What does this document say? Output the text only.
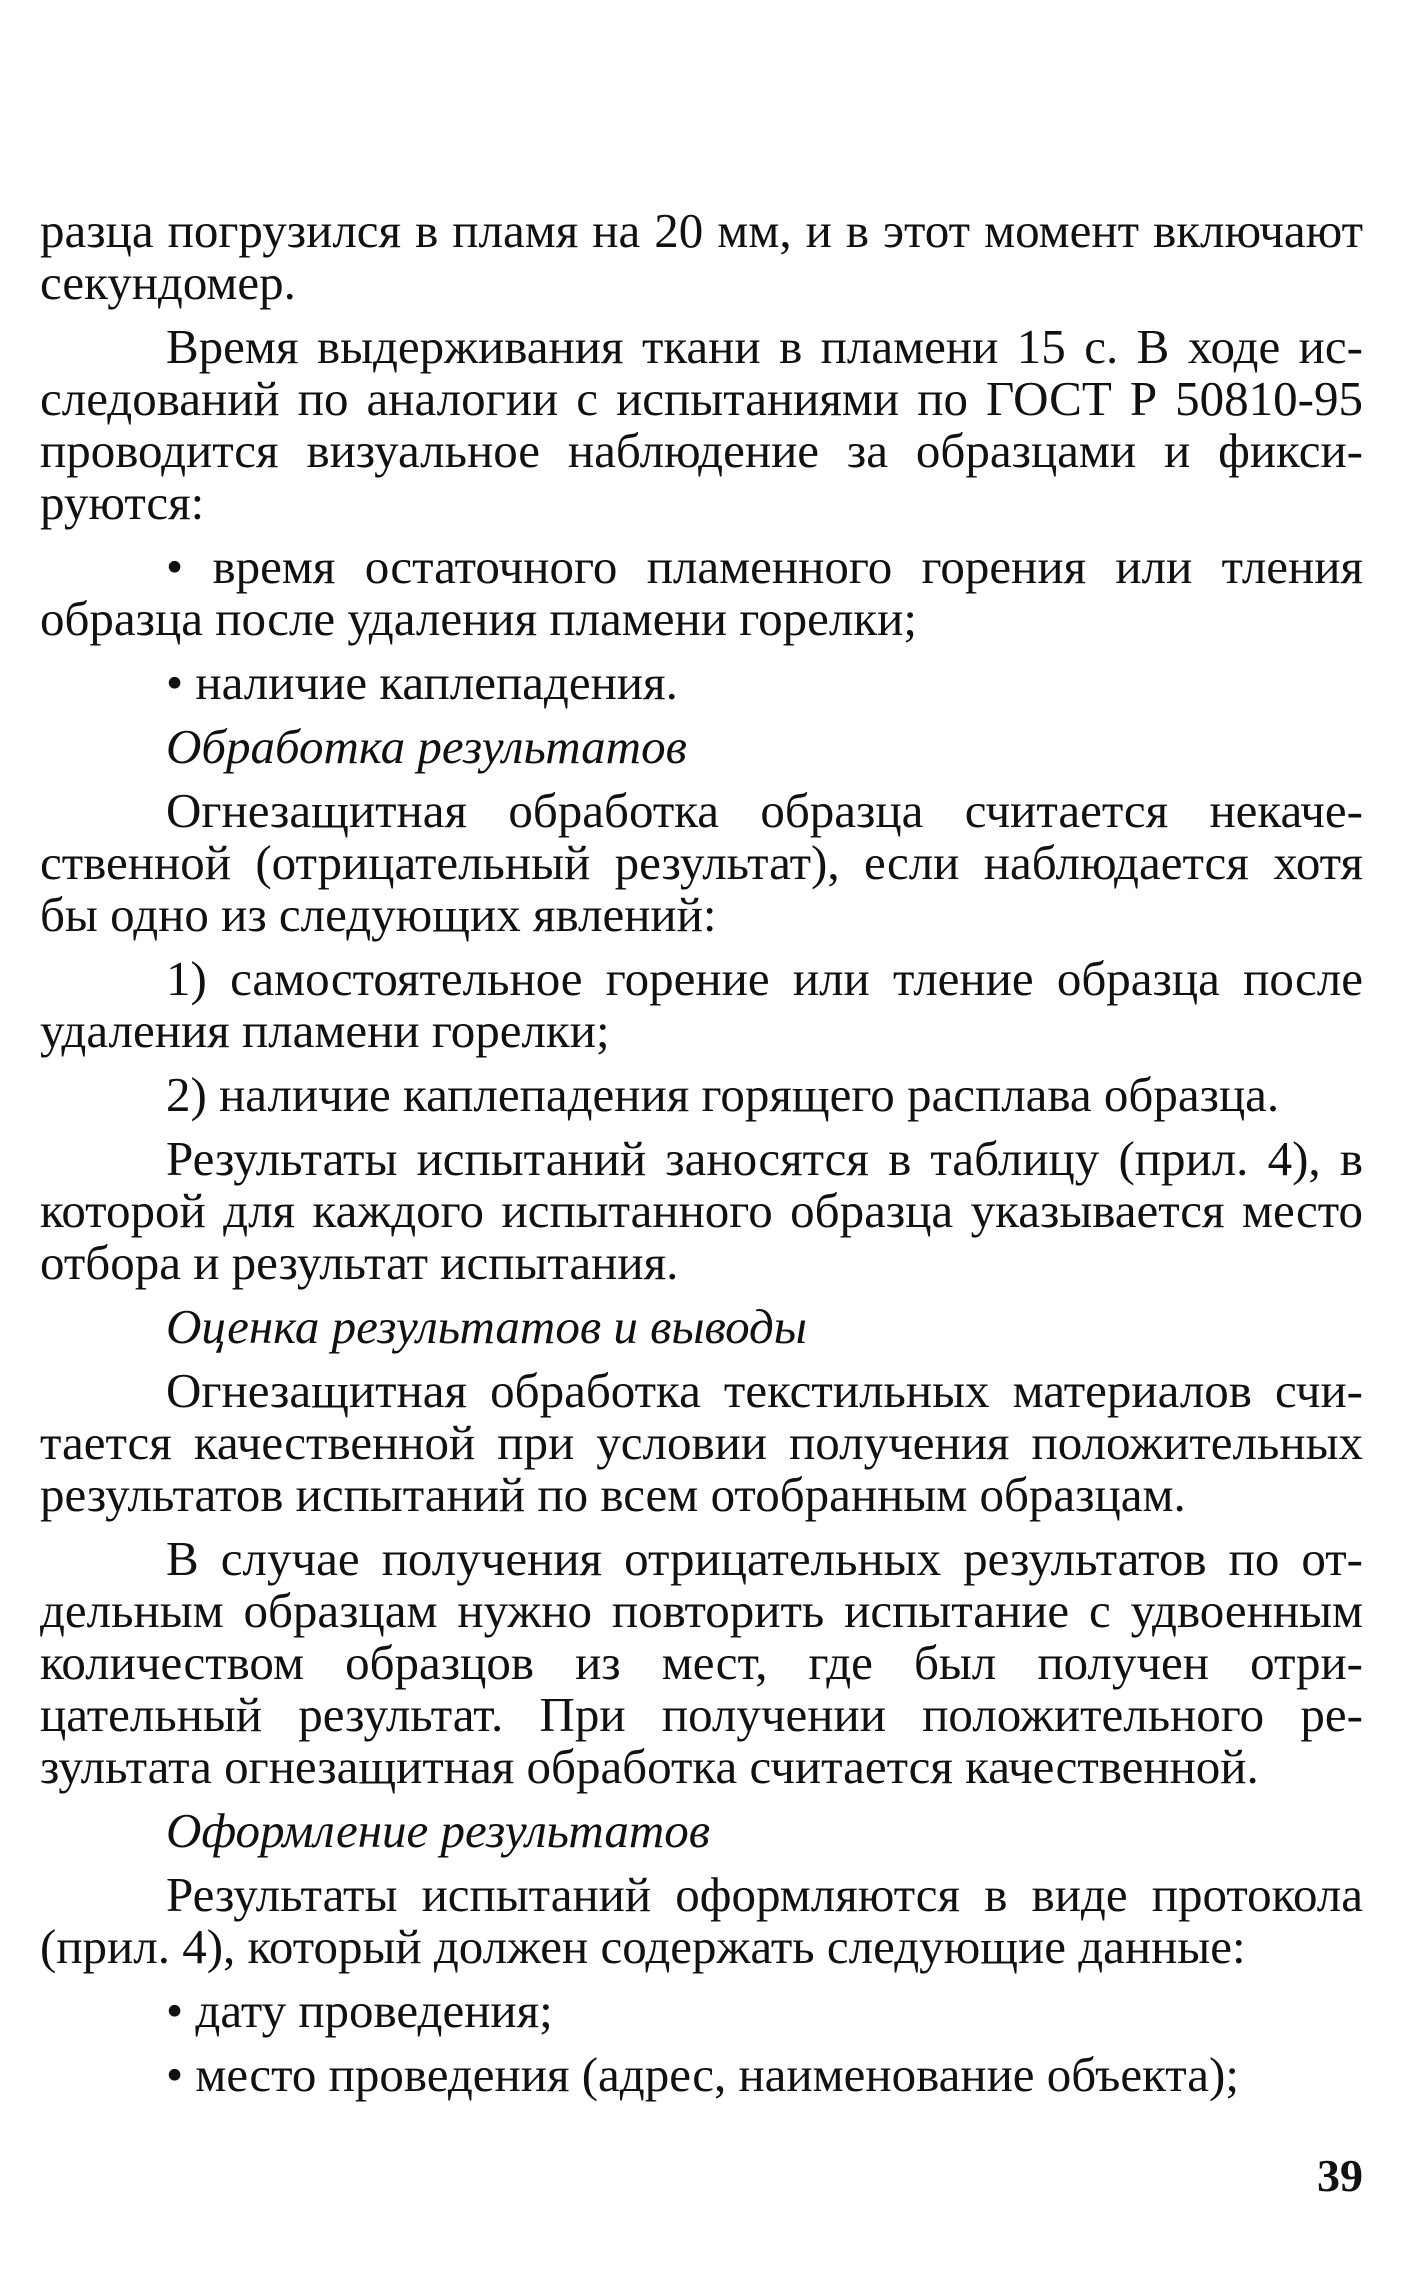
разца погрузился в пламя на 20 мм, и в этот момент включают секундомер.

Время выдерживания ткани в пламени 15 с. В ходе исследований по аналогии с испытаниями по ГОСТ Р 50810-95 проводится визуальное наблюдение за образцами и фиксируются:

• время остаточного пламенного горения или тления образца после удаления пламени горелки;

• наличие каплепадения.

Обработка результатов

Огнезащитная обработка образца считается некачественной (отрицательный результат), если наблюдается хотя бы одно из следующих явлений:

1) самостоятельное горение или тление образца после удаления пламени горелки;

2) наличие каплепадения горящего расплава образца.

Результаты испытаний заносятся в таблицу (прил. 4), в которой для каждого испытанного образца указывается место отбора и результат испытания.

Оценка результатов и выводы

Огнезащитная обработка текстильных материалов считается качественной при условии получения положительных результатов испытаний по всем отобранным образцам.

В случае получения отрицательных результатов по отдельным образцам нужно повторить испытание с удвоенным количеством образцов из мест, где был получен отрицательный результат. При получении положительного результата огнезащитная обработка считается качественной.

Оформление результатов

Результаты испытаний оформляются в виде протокола (прил. 4), который должен содержать следующие данные:

• дату проведения;

• место проведения (адрес, наименование объекта);

39
